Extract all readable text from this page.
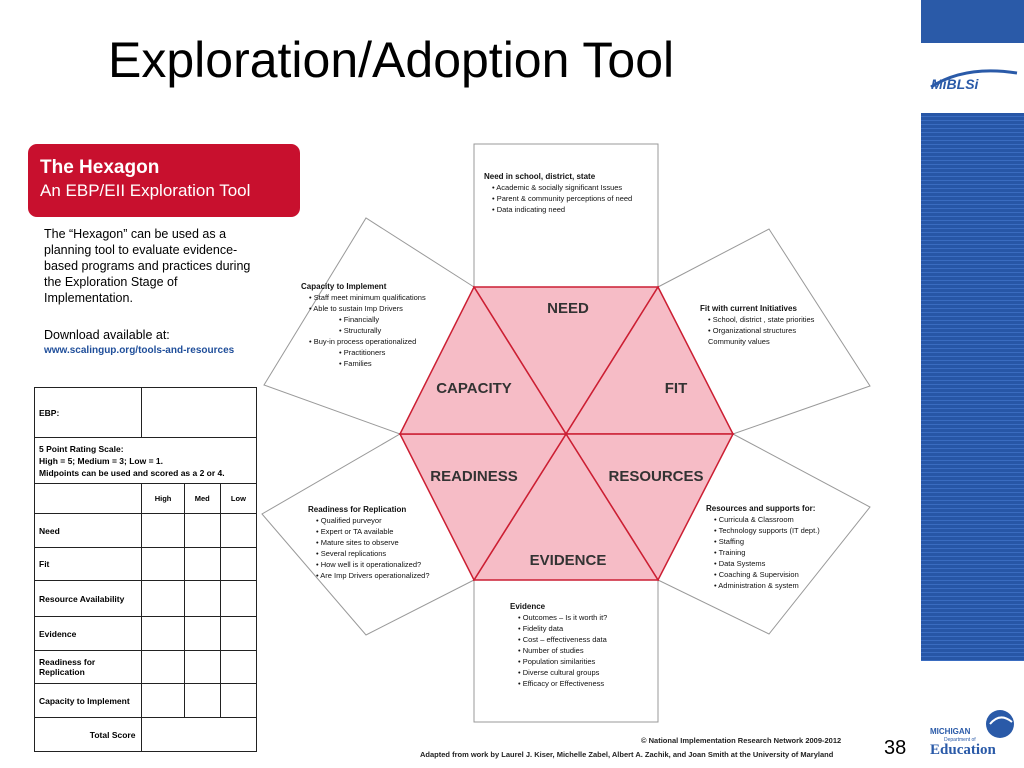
Exploration/Adoption Tool	MiBLSi
The Hexagon
An EBP/EII Exploration Tool
The “Hexagon” can be used as a planning tool to evaluate evidence-based programs and practices during the Exploration Stage of Implementation.
Download available at:
www.scalingup.org/tools-and-resources
EBP:			

5 Point Rating Scale:
High = 5; Medium = 3; Low = 1.
Midpoints can be used and scored as a 2 or 4.			

	High	Med	Low
Need			
Fit			
Resource Availability			
Evidence			
Readiness for Replication			
Capacity to Implement			
Total Score			
NEED
FIT
RESOURCES
EVIDENCE
READINESS
CAPACITY
Need in school, district, state
• Academic & socially significant Issues
• Parent & community perceptions of need
• Data indicating need
Fit with current Initiatives
• School, district , state priorities
• Organizational structures
Community values
Resources and supports for:
• Curricula & Classroom
• Technology supports (IT dept.)
• Staffing
• Training
• Data Systems
• Coaching & Supervision
• Administration & system
Evidence
• Outcomes – Is it worth it?
• Fidelity data
• Cost – effectiveness data
• Number of studies
• Population similarities
• Diverse cultural groups
• Efficacy or Effectiveness
Readiness for Replication
• Qualified purveyor
• Expert or TA available
• Mature sites to observe
• Several replications
• How well is it operationalized?
• Are Imp Drivers operationalized?
Capacity to Implement
• Staff meet minimum qualifications
• Able to sustain Imp Drivers
• Financially
• Structurally
• Buy-in process operationalized
• Practitioners
• Families
© National Implementation Research Network 2009-2012
Adapted from work by Laurel J. Kiser, Michelle Zabel, Albert A. Zachik, and Joan Smith at the University of Maryland	38
MICHIGAN
Department of
Education
